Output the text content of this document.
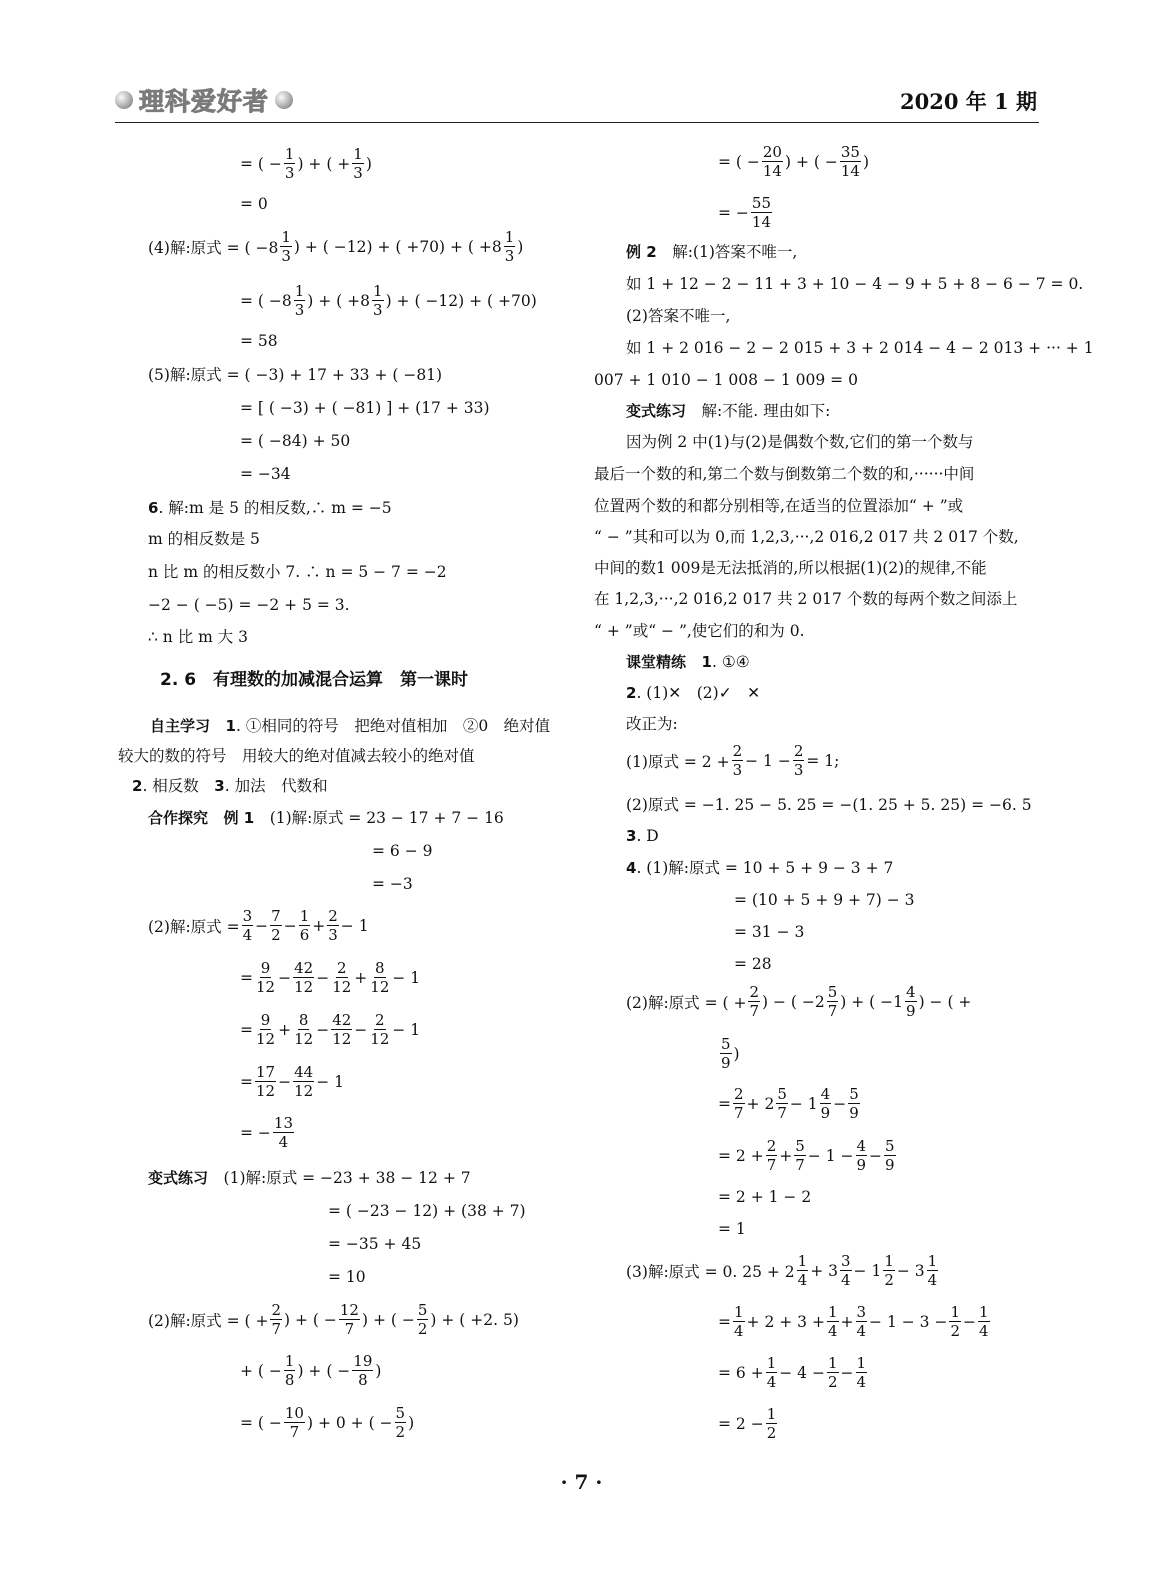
理科爱好者	2020 年 1 期
= ( − $\frac{1}{3}$ ) + ( + $\frac{1}{3}$ )
= 0
(4)解:原式 = ( −8
1
3
) + ( −12) + ( +70) + ( +8
1
3
)
= ( −8
1
3
) + ( +8
1
3
) + ( −12) + ( +70)
= 58
(5)解:原式 = ( −3) + 17 + 33 + ( −81)
= [ ( −3) + ( −81) ] + (17 + 33)
= ( −84) + 50
= −34
6. 解:m 是 5 的相反数,∴ m = −5
m 的相反数是 5
n 比 m 的相反数小 7. ∴ n = 5 − 7 = −2
−2 − ( −5) = −2 + 5 = 3.
∴ n 比 m 大 3
2. 6　有理数的加减混合运算　第一课时
自主学习　 1. ①相同的符号　把绝对值相加　②0　绝对值较大的数的符号　用较大的绝对值减去较小的绝对值
2. 相反数　3. 加法　代数和
合作探究　 例 1　 (1)解:原式 = 23 − 17 + 7 − 16
= 6 − 9
= −3
(2)解:原式 = $\frac{3}{4} - \frac{7}{2} - \frac{1}{6} + \frac{2}{3} - 1$
= $\frac{9}{12} - \frac{42}{12} - \frac{2}{12} + \frac{8}{12} - 1$
= $\frac{9}{12} + \frac{8}{12} - \frac{42}{12} - \frac{2}{12} - 1$
= $\frac{17}{12} - \frac{44}{12} - 1$
= − $\frac{13}{4}$
变式练习　 (1)解:原式 = −23 + 38 − 12 + 7
= ( −23 − 12) + (38 + 7)
= −35 + 45
= 10
(2)解:原式 = ( + $\frac{2}{7}$ ) + ( − $\frac{12}{7}$ ) + ( − $\frac{5}{2}$ ) + ( +2. 5)
+ ( − $\frac{1}{8}$ ) + ( − $\frac{19}{8}$ )
= ( − $\frac{10}{7}$ ) + 0 + ( − $\frac{5}{2}$ )
= ( − $\frac{20}{14}$ ) + ( − $\frac{35}{14}$ )
= − $\frac{55}{14}$
例 2　 解:(1)答案不唯一,
如 1 + 12 − 2 − 11 + 3 + 10 − 4 − 9 + 5 + 8 − 6 − 7 = 0.
(2)答案不唯一,
如 1 + 2 016 − 2 − 2 015 + 3 + 2 014 − 4 − 2 013 + ··· + 1
007 + 1 010 − 1 008 − 1 009 = 0
变式练习　 解:不能. 理由如下:
因为例 2 中(1)与(2)是偶数个数,它们的第一个数与
最后一个数的和,第二个数与倒数第二个数的和,······中间
位置两个数的和都分别相等,在适当的位置添加“ + ”或
“ − ”其和可以为 0,而 1,2,3,···,2 016,2 017 共 2 017 个数,
中间的数1 009是无法抵消的,所以根据(1)(2)的规律,不能
在 1,2,3,···,2 016,2 017 共 2 017 个数的每两个数之间添上
“ + ”或“ − ”,使它们的和为 0.
课堂精练　 1. ①④
2. (1)✕　(2)✓　✕
改正为:
(1)原式 = $2 + \frac{2}{3} - 1 - \frac{2}{3} = 1$;
(2)原式 = −1. 25 − 5. 25 = −(1. 25 + 5. 25) = −6. 5
3. D
4. (1)解:原式 = 10 + 5 + 9 − 3 + 7
= (10 + 5 + 9 + 7) − 3
= 31 − 3
= 28
(2)解:原式 = ( + $\frac{2}{7}$ ) − ( −2
5
7
) + ( −1
4
9
) − ( +
5
9
)
= $\frac{2}{7} + 2$
5
7
− 1
4
9
− $\frac{5}{9}$
= $2 + \frac{2}{7} + \frac{5}{7} - 1 - \frac{4}{9} - \frac{5}{9}$
= 2 + 1 − 2
= 1
(3)解:原式 = 0. 25 + 2
1
4
+ 3
3
4
− 1
1
2
− 3
1
4
= $\frac{1}{4} + 2 + 3 + \frac{1}{4} + \frac{3}{4} - 1 - 3 - \frac{1}{2} - \frac{1}{4}$
= $6 + \frac{1}{4} - 4 - \frac{1}{2} - \frac{1}{4}$
= $2 - \frac{1}{2}$
· 7 ·
